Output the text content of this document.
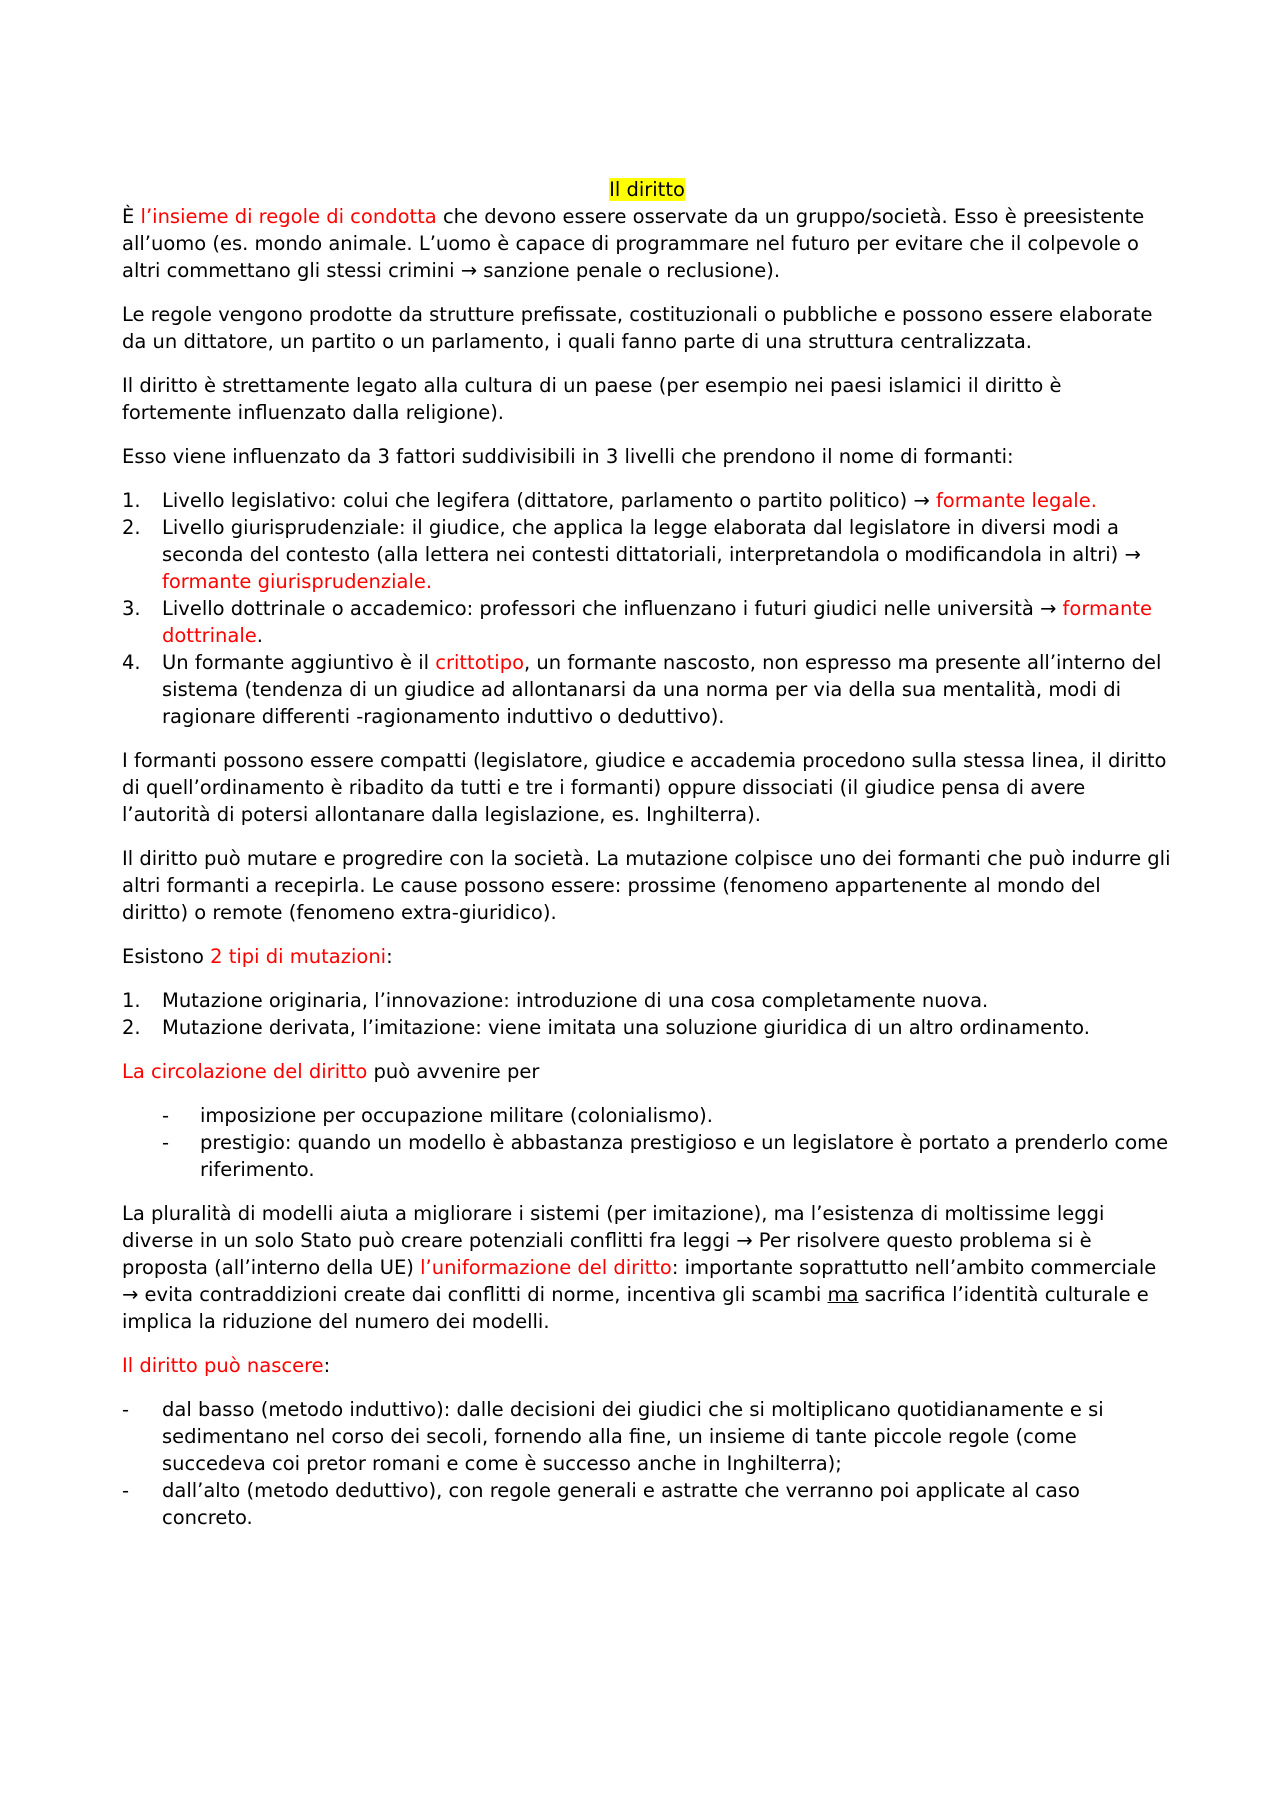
Il diritto

È l’insieme di regole di condotta che devono essere osservate da un gruppo/società. Esso è preesistente all’uomo (es. mondo animale. L’uomo è capace di programmare nel futuro per evitare che il colpevole o altri commettano gli stessi crimini → sanzione penale o reclusione).

Le regole vengono prodotte da strutture prefissate, costituzionali o pubbliche e possono essere elaborate da un dittatore, un partito o un parlamento, i quali fanno parte di una struttura centralizzata.

Il diritto è strettamente legato alla cultura di un paese (per esempio nei paesi islamici il diritto è fortemente influenzato dalla religione).

Esso viene influenzato da 3 fattori suddivisibili in 3 livelli che prendono il nome di formanti:

1. Livello legislativo: colui che legifera (dittatore, parlamento o partito politico) → formante legale.
2. Livello giurisprudenziale: il giudice, che applica la legge elaborata dal legislatore in diversi modi a seconda del contesto (alla lettera nei contesti dittatoriali, interpretandola o modificandola in altri) → formante giurisprudenziale.
3. Livello dottrinale o accademico: professori che influenzano i futuri giudici nelle università → formante dottrinale.
4. Un formante aggiuntivo è il crittotipo, un formante nascosto, non espresso ma presente all’interno del sistema (tendenza di un giudice ad allontanarsi da una norma per via della sua mentalità, modi di ragionare differenti -ragionamento induttivo o deduttivo).

I formanti possono essere compatti (legislatore, giudice e accademia procedono sulla stessa linea, il diritto di quell’ordinamento è ribadito da tutti e tre i formanti) oppure dissociati (il giudice pensa di avere l’autorità di potersi allontanare dalla legislazione, es. Inghilterra).

Il diritto può mutare e progredire con la società. La mutazione colpisce uno dei formanti che può indurre gli altri formanti a recepirla. Le cause possono essere: prossime (fenomeno appartenente al mondo del diritto) o remote (fenomeno extra-giuridico).

Esistono 2 tipi di mutazioni:

1. Mutazione originaria, l’innovazione: introduzione di una cosa completamente nuova.
2. Mutazione derivata, l’imitazione: viene imitata una soluzione giuridica di un altro ordinamento.

La circolazione del diritto può avvenire per

- imposizione per occupazione militare (colonialismo).
- prestigio: quando un modello è abbastanza prestigioso e un legislatore è portato a prenderlo come riferimento.

La pluralità di modelli aiuta a migliorare i sistemi (per imitazione), ma l’esistenza di moltissime leggi diverse in un solo Stato può creare potenziali conflitti fra leggi → Per risolvere questo problema si è proposta (all’interno della UE) l’uniformazione del diritto: importante soprattutto nell’ambito commerciale → evita contraddizioni create dai conflitti di norme, incentiva gli scambi ma sacrifica l’identità culturale e implica la riduzione del numero dei modelli.

Il diritto può nascere:

- dal basso (metodo induttivo): dalle decisioni dei giudici che si moltiplicano quotidianamente e si sedimentano nel corso dei secoli, fornendo alla fine, un insieme di tante piccole regole (come succedeva coi pretor romani e come è successo anche in Inghilterra);
- dall’alto (metodo deduttivo), con regole generali e astratte che verranno poi applicate al caso concreto.
